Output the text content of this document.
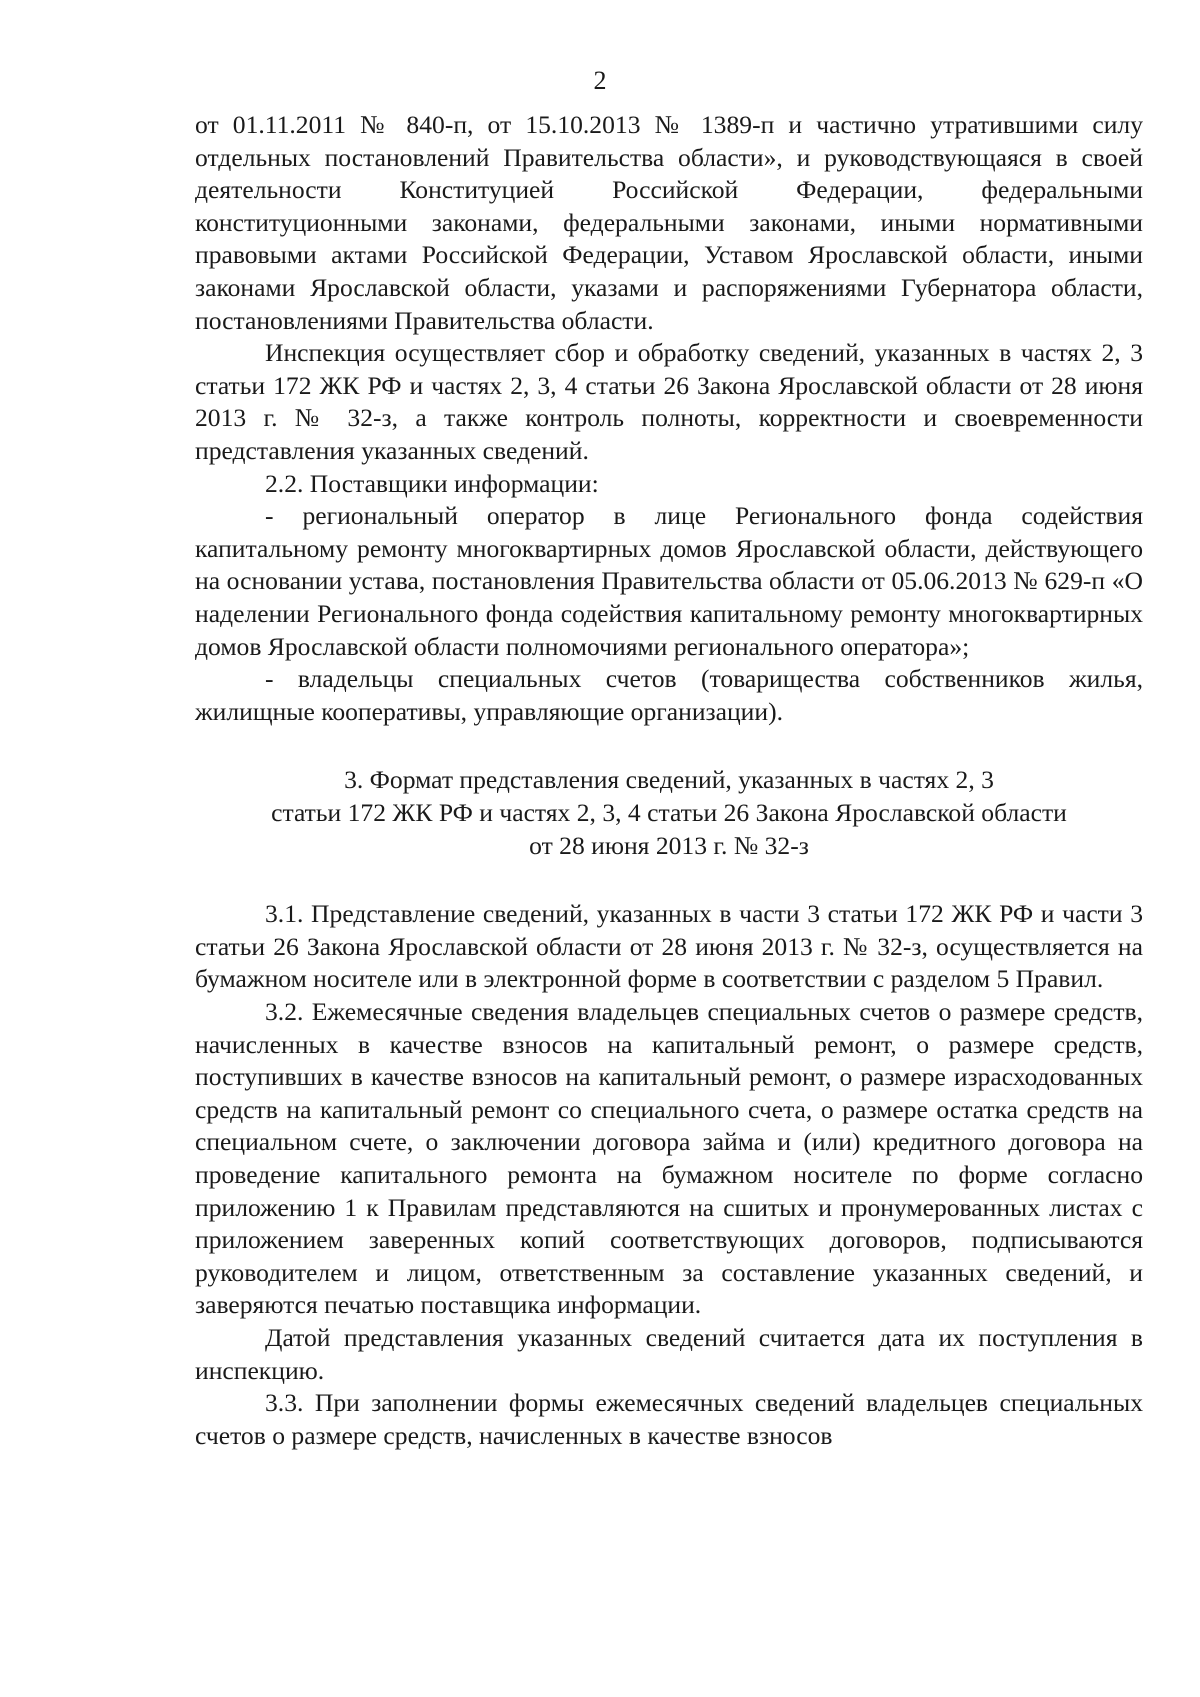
2

от 01.11.2011 № 840-п, от 15.10.2013 № 1389-п и частично утратившими силу отдельных постановлений Правительства области», и руководствующаяся в своей деятельности Конституцией Российской Федерации, федеральными конституционными законами, федеральными законами, иными нормативными правовыми актами Российской Федерации, Уставом Ярославской области, иными законами Ярославской области, указами и распоряжениями Губернатора области, постановлениями Правительства области.

Инспекция осуществляет сбор и обработку сведений, указанных в частях 2, 3 статьи 172 ЖК РФ и частях 2, 3, 4 статьи 26 Закона Ярославской области от 28 июня 2013 г. № 32-з, а также контроль полноты, корректности и своевременности представления указанных сведений.

2.2. Поставщики информации:

- региональный оператор в лице Регионального фонда содействия капитальному ремонту многоквартирных домов Ярославской области, действующего на основании устава, постановления Правительства области от 05.06.2013 № 629-п «О наделении Регионального фонда содействия капитальному ремонту многоквартирных домов Ярославской области полномочиями регионального оператора»;

- владельцы специальных счетов (товарищества собственников жилья, жилищные кооперативы, управляющие организации).

3. Формат представления сведений, указанных в частях 2, 3
статьи 172 ЖК РФ и частях 2, 3, 4 статьи 26 Закона Ярославской области
от 28 июня 2013 г. № 32-з

3.1. Представление сведений, указанных в части 3 статьи 172 ЖК РФ и части 3 статьи 26 Закона Ярославской области от 28 июня 2013 г. № 32-з, осуществляется на бумажном носителе или в электронной форме в соответствии с разделом 5 Правил.

3.2. Ежемесячные сведения владельцев специальных счетов о размере средств, начисленных в качестве взносов на капитальный ремонт, о размере средств, поступивших в качестве взносов на капитальный ремонт, о размере израсходованных средств на капитальный ремонт со специального счета, о размере остатка средств на специальном счете, о заключении договора займа и (или) кредитного договора на проведение капитального ремонта на бумажном носителе по форме согласно приложению 1 к Правилам представляются на сшитых и пронумерованных листах с приложением заверенных копий соответствующих договоров, подписываются руководителем и лицом, ответственным за составление указанных сведений, и заверяются печатью поставщика информации.

Датой представления указанных сведений считается дата их поступления в инспекцию.

3.3. При заполнении формы ежемесячных сведений владельцев специальных счетов о размере средств, начисленных в качестве взносов
